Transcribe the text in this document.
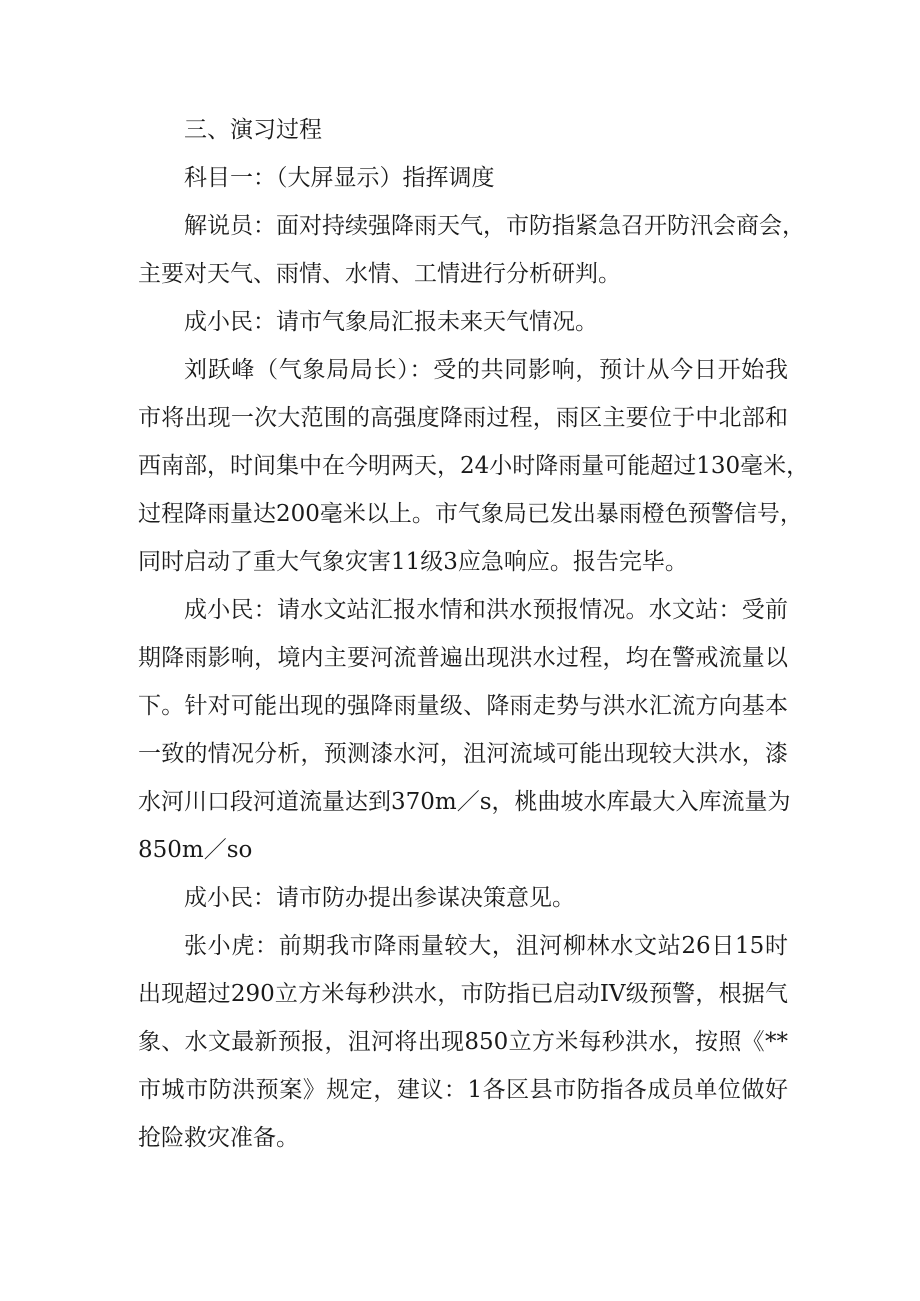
三、演习过程

科目一：（大屏显示）指挥调度

解说员：面对持续强降雨天气，市防指紧急召开防汛会商会，
主要对天气、雨情、水情、工情进行分析研判。

成小民：请市气象局汇报未来天气情况。

刘跃峰（气象局局长）：受的共同影响，预计从今日开始我
市将出现一次大范围的高强度降雨过程，雨区主要位于中北部和
西南部，时间集中在今明两天，24小时降雨量可能超过130毫米，
过程降雨量达200毫米以上。市气象局已发出暴雨橙色预警信号，
同时启动了重大气象灾害11级3应急响应。报告完毕。

成小民：请水文站汇报水情和洪水预报情况。水文站：受前
期降雨影响，境内主要河流普遍出现洪水过程，均在警戒流量以
下。针对可能出现的强降雨量级、降雨走势与洪水汇流方向基本
一致的情况分析，预测漆水河，沮河流域可能出现较大洪水，漆
水河川口段河道流量达到370m／s，桃曲坡水库最大入库流量为
850m／so

成小民：请市防办提出参谋决策意见。

张小虎：前期我市降雨量较大，沮河柳林水文站26日15时
出现超过290立方米每秒洪水，市防指已启动IV级预警，根据气
象、水文最新预报，沮河将出现850立方米每秒洪水，按照《**
市城市防洪预案》规定，建议：1各区县市防指各成员单位做好
抢险救灾准备。
